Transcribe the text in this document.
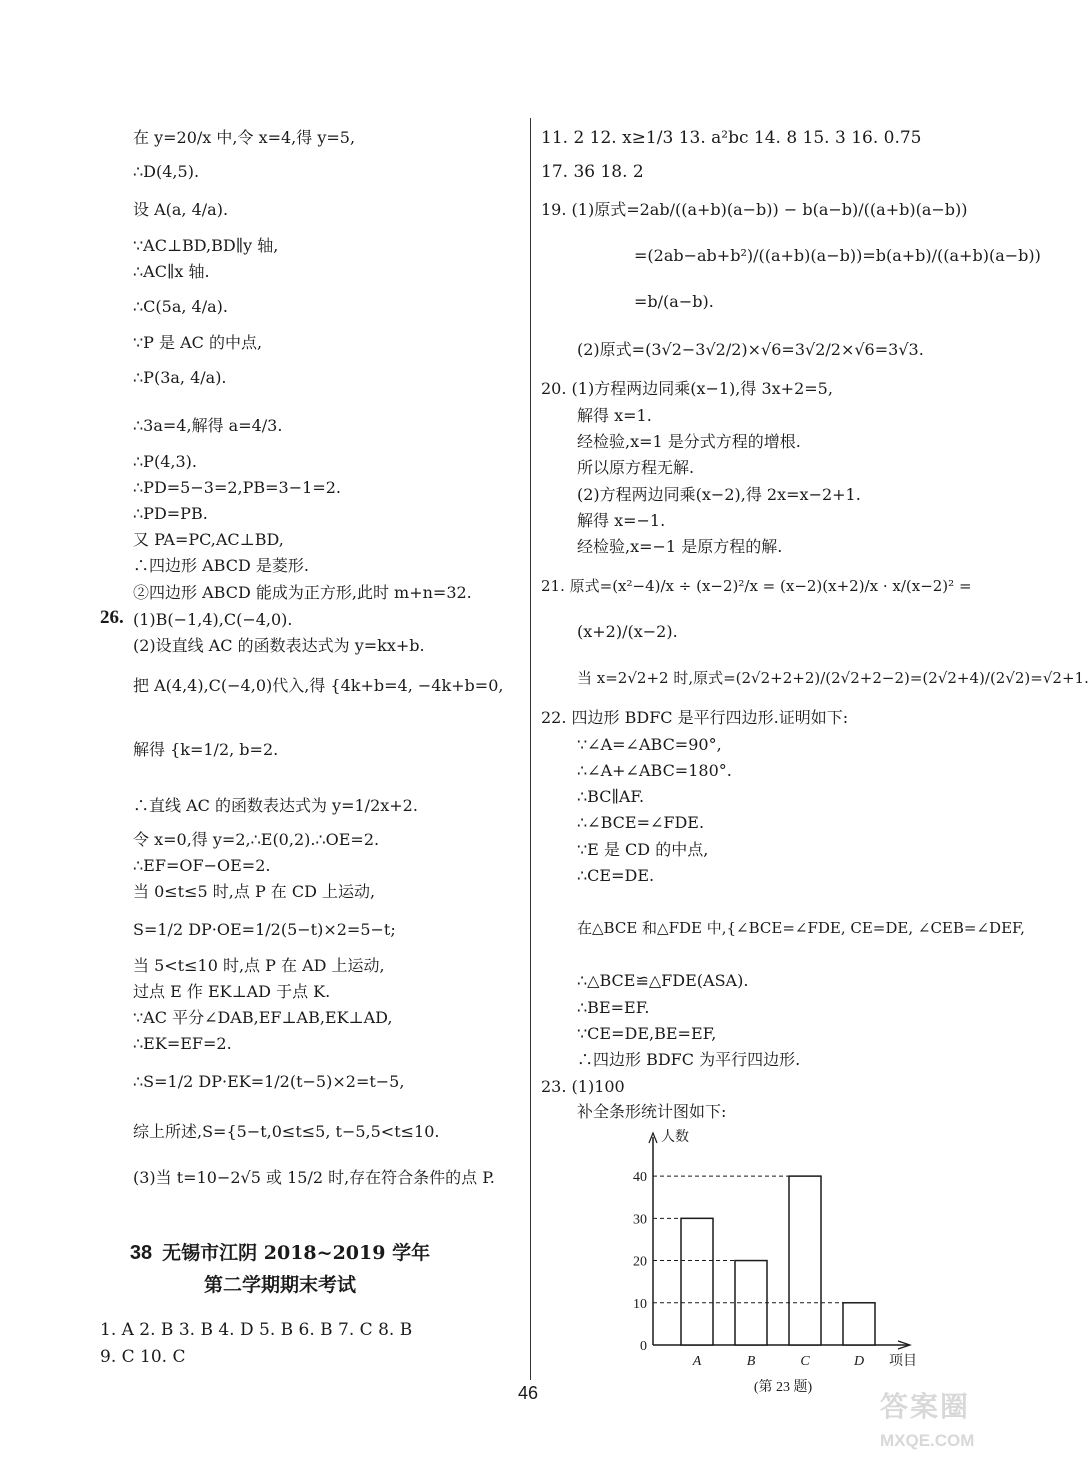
在 y=20/x 中,令 x=4,得 y=5,
∴D(4,5).
设 A(a, 4/a).
∵AC⊥BD,BD∥y 轴,
∴AC∥x 轴.
∴C(5a, 4/a).
∵P 是 AC 的中点,
∴P(3a, 4/a).
∴3a=4,解得 a=4/3.
∴P(4,3).
∴PD=5−3=2,PB=3−1=2.
∴PD=PB.
又 PA=PC,AC⊥BD,
∴四边形 ABCD 是菱形.
②四边形 ABCD 能成为正方形,此时 m+n=32.
26. (1)B(−1,4),C(−4,0).
(2)设直线 AC 的函数表达式为 y=kx+b.
把 A(4,4),C(−4,0)代入,得 {4k+b=4, −4k+b=0,
解得 {k=1/2, b=2.
∴直线 AC 的函数表达式为 y=1/2x+2.
令 x=0,得 y=2,∴E(0,2).∴OE=2.
∴EF=OF−OE=2.
当 0≤t≤5 时,点 P 在 CD 上运动,
S=1/2 DP·OE=1/2(5−t)×2=5−t;
当 5<t≤10 时,点 P 在 AD 上运动,
过点 E 作 EK⊥AD 于点 K.
∵AC 平分∠DAB,EF⊥AB,EK⊥AD,
∴EK=EF=2.
∴S=1/2 DP·EK=1/2(t−5)×2=t−5,
综上所述,S={5−t,0≤t≤5, t−5,5<t≤10.
(3)当 t=10−2√5 或 15/2 时,存在符合条件的点 P.
38 无锡市江阴 2018~2019 学年
第二学期期末考试
1. A 2. B 3. B 4. D 5. B 6. B 7. C 8. B
9. C 10. C
11. 2 12. x≥1/3 13. a²bc 14. 8 15. 3 16. 0.75
17. 36 18. 2
19. (1)原式=2ab/((a+b)(a−b)) − b(a−b)/((a+b)(a−b))
=(2ab−ab+b²)/((a+b)(a−b))=b(a+b)/((a+b)(a−b))
=b/(a−b).
(2)原式=(3√2−3√2/2)×√6=3√2/2×√6=3√3.
20. (1)方程两边同乘(x−1),得 3x+2=5,
解得 x=1.
经检验,x=1 是分式方程的增根.
所以原方程无解.
(2)方程两边同乘(x−2),得 2x=x−2+1.
解得 x=−1.
经检验,x=−1 是原方程的解.
21. 原式=(x²−4)/x ÷ (x−2)²/x = (x−2)(x+2)/x · x/(x−2)² =
(x+2)/(x−2).
当 x=2√2+2 时,原式=(2√2+2+2)/(2√2+2−2)=(2√2+4)/(2√2)=√2+1.
22. 四边形 BDFC 是平行四边形.证明如下:
∵∠A=∠ABC=90°,
∴∠A+∠ABC=180°.
∴BC∥AF.
∴∠BCE=∠FDE.
∵E 是 CD 的中点,
∴CE=DE.
在△BCE 和△FDE 中,{∠BCE=∠FDE, CE=DE, ∠CEB=∠DEF,
∴△BCE≌△FDE(ASA).
∴BE=EF.
∵CE=DE,BE=EF,
∴四边形 BDFC 为平行四边形.
23. (1)100
补全条形统计图如下:
人数
0
10
20
30
40
A	B	C	D 项目
(第 23 题)
46	答案圈
MXQE.COM
